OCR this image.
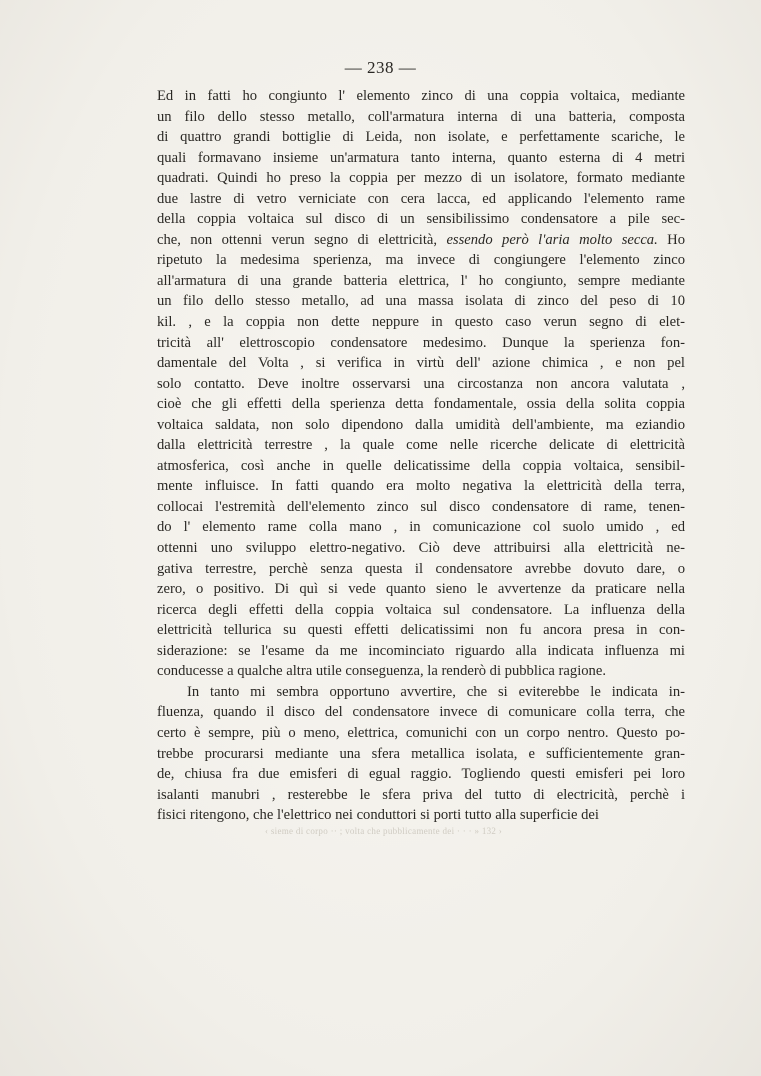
— 238 —
Ed in fatti ho congiunto l' elemento zinco di una coppia voltaica, mediante
un filo dello stesso metallo, coll'armatura interna di una batteria, composta
di quattro grandi bottiglie di Leida, non isolate, e perfettamente scariche, le
quali formavano insieme un'armatura tanto interna, quanto esterna di 4 metri
quadrati. Quindi ho preso la coppia per mezzo di un isolatore, formato mediante
due lastre di vetro verniciate con cera lacca, ed applicando l'elemento rame
della coppia voltaica sul disco di un sensibilissimo condensatore a pile sec-
che, non ottenni verun segno di elettricità, essendo però l'aria molto secca. Ho
ripetuto la medesima sperienza, ma invece di congiungere l'elemento zinco
all'armatura di una grande batteria elettrica, l' ho congiunto, sempre mediante
un filo dello stesso metallo, ad una massa isolata di zinco del peso di 10
kil. , e la coppia non dette neppure in questo caso verun segno di elet-
tricità all' elettroscopio condensatore medesimo. Dunque la sperienza fon-
damentale del Volta , si verifica in virtù dell' azione chimica , e non pel
solo contatto. Deve inoltre osservarsi una circostanza non ancora valutata ,
cioè che gli effetti della sperienza detta fondamentale, ossia della solita coppia
voltaica saldata, non solo dipendono dalla umidità dell'ambiente, ma eziandio
dalla elettricità terrestre , la quale come nelle ricerche delicate di elettricità
atmosferica, così anche in quelle delicatissime della coppia voltaica, sensibil-
mente influisce. In fatti quando era molto negativa la elettricità della terra,
collocai l'estremità dell'elemento zinco sul disco condensatore di rame, tenen-
do l' elemento rame colla mano , in comunicazione col suolo umido , ed
ottenni uno sviluppo elettro-negativo. Ciò deve attribuirsi alla elettricità ne-
gativa terrestre, perchè senza questa il condensatore avrebbe dovuto dare, o
zero, o positivo. Di quì si vede quanto sieno le avvertenze da praticare nella
ricerca degli effetti della coppia voltaica sul condensatore. La influenza della
elettricità tellurica su questi effetti delicatissimi non fu ancora presa in con-
siderazione: se l'esame da me incominciato riguardo alla indicata influenza mi
conducesse a qualche altra utile conseguenza, la renderò di pubblica ragione.
In tanto mi sembra opportuno avvertire, che si eviterebbe le indicata in-
fluenza, quando il disco del condensatore invece di comunicare colla terra, che
certo è sempre, più o meno, elettrica, comunichi con un corpo nentro. Questo po-
trebbe procurarsi mediante una sfera metallica isolata, e sufficientemente gran-
de, chiusa fra due emisferi di egual raggio. Togliendo questi emisferi pei loro
isalanti manubri , resterebbe le sfera priva del tutto di electricità, perchè i
fisici ritengono, che l'elettrico nei conduttori si porti tutto alla superficie dei
‹ sieme di corpo ·· ; volta che pubblicamente dei · · · » 132 ›
